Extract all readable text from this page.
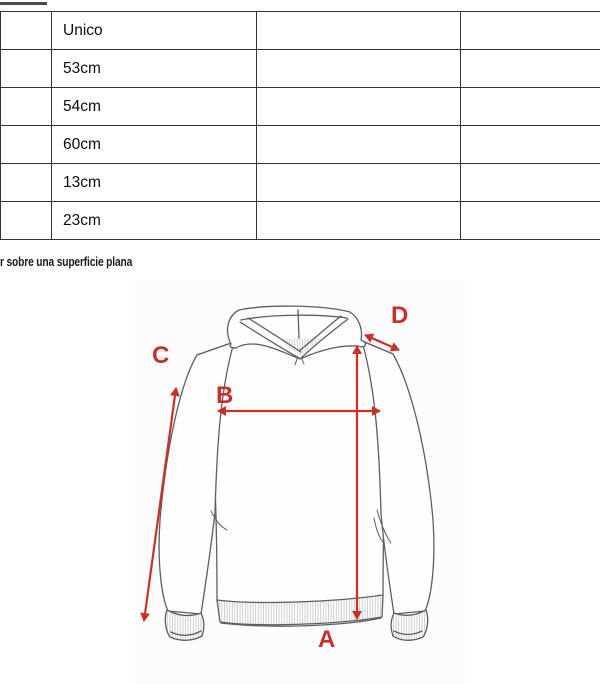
	Unico		
	53cm		
	54cm		
	60cm		
	13cm		
	23cm		
r sobre una superficie plana
A
B
C
D
